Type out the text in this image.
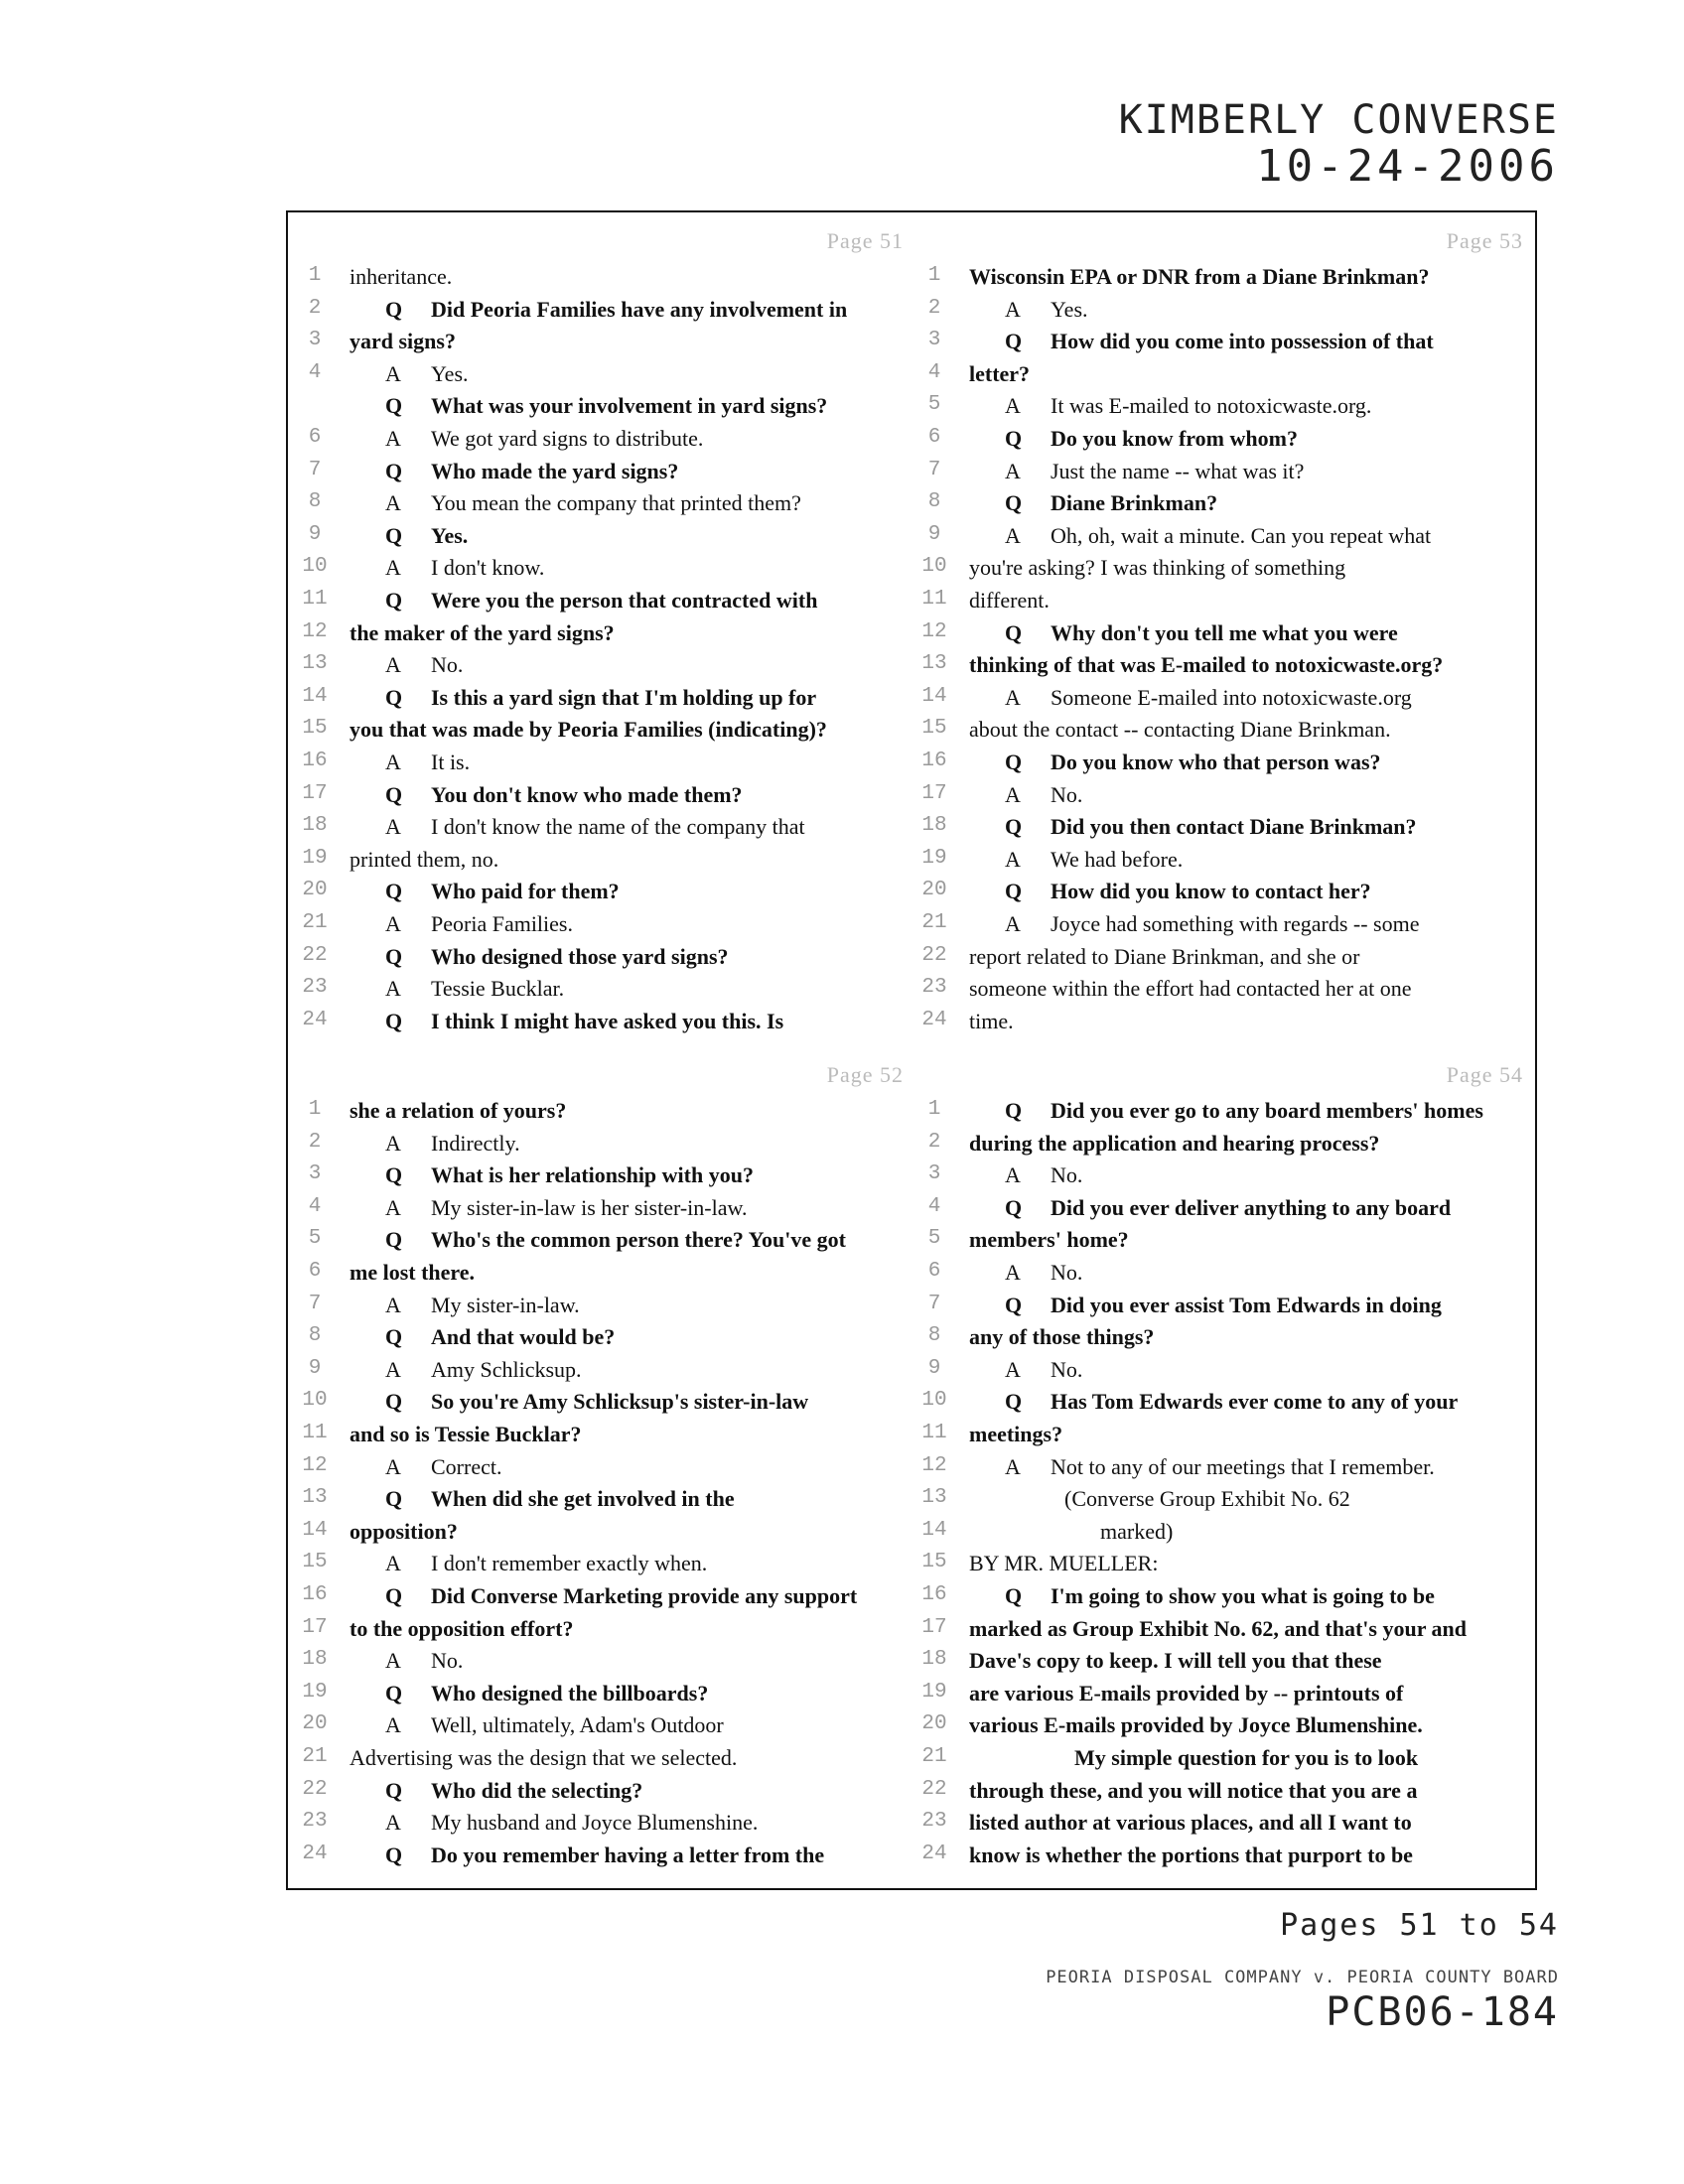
KIMBERLY CONVERSE
10-24-2006
Page 51
1	inheritance.
2	Q Did Peoria Families have any involvement in
3	yard signs?
4	A Yes.
Q What was your involvement in yard signs?
6	A We got yard signs to distribute.
7	Q Who made the yard signs?
8	A You mean the company that printed them?
9	Q Yes.
10	A I don't know.
11	Q Were you the person that contracted with
12 the maker of the yard signs?
13	A No.
14	Q Is this a yard sign that I'm holding up for
15 you that was made by Peoria Families (indicating)?
16	A It is.
17	Q You don't know who made them?
18	A I don't know the name of the company that
19 printed them, no.
20	Q Who paid for them?
21	A Peoria Families.
22	Q Who designed those yard signs?
23	A Tessie Bucklar.
24	Q I think I might have asked you this. Is
Page 53
1	Wisconsin EPA or DNR from a Diane Brinkman?
2	A Yes.
3	Q How did you come into possession of that
4	letter?
5	A It was E-mailed to notoxicwaste.org.
6	Q Do you know from whom?
7	A Just the name -- what was it?
8	Q Diane Brinkman?
9	A Oh, oh, wait a minute. Can you repeat what
10 you're asking? I was thinking of something
11 different.
12	Q Why don't you tell me what you were
13 thinking of that was E-mailed to notoxicwaste.org?
14	A Someone E-mailed into notoxicwaste.org
15 about the contact -- contacting Diane Brinkman.
16	Q Do you know who that person was?
17	A No.
18	Q Did you then contact Diane Brinkman?
19	A We had before.
20	Q How did you know to contact her?
21	A Joyce had something with regards -- some
22 report related to Diane Brinkman, and she or
23 someone within the effort had contacted her at one
24 time.
Page 52
1	she a relation of yours?
2	A Indirectly.
3	Q What is her relationship with you?
4	A My sister-in-law is her sister-in-law.
5	Q Who's the common person there? You've got
6	me lost there.
7	A My sister-in-law.
8	Q And that would be?
9	A Amy Schlicksup.
10	Q So you're Amy Schlicksup's sister-in-law
11 and so is Tessie Bucklar?
12	A Correct.
13	Q When did she get involved in the
14 opposition?
15	A I don't remember exactly when.
16	Q Did Converse Marketing provide any support
17 to the opposition effort?
18	A No.
19	Q Who designed the billboards?
20	A Well, ultimately, Adam's Outdoor
21 Advertising was the design that we selected.
22	Q Who did the selecting?
23	A My husband and Joyce Blumenshine.
24	Q Do you remember having a letter from the
Page 54
1	Q Did you ever go to any board members' homes
2	during the application and hearing process?
3	A No.
4	Q Did you ever deliver anything to any board
5	members' home?
6	A No.
7	Q Did you ever assist Tom Edwards in doing
8	any of those things?
9	A No.
10	Q Has Tom Edwards ever come to any of your
11 meetings?
12	A Not to any of our meetings that I remember.
13	(Converse Group Exhibit No. 62
14	marked)
15 BY MR. MUELLER:
16	Q I'm going to show you what is going to be
17 marked as Group Exhibit No. 62, and that's your and
18 Dave's copy to keep. I will tell you that these
19 are various E-mails provided by -- printouts of
20 various E-mails provided by Joyce Blumenshine.
21	My simple question for you is to look
22 through these, and you will notice that you are a
23 listed author at various places, and all I want to
24 know is whether the portions that purport to be
Pages 51 to 54
PEORIA DISPOSAL COMPANY v. PEORIA COUNTY BOARD
PCB06-184
